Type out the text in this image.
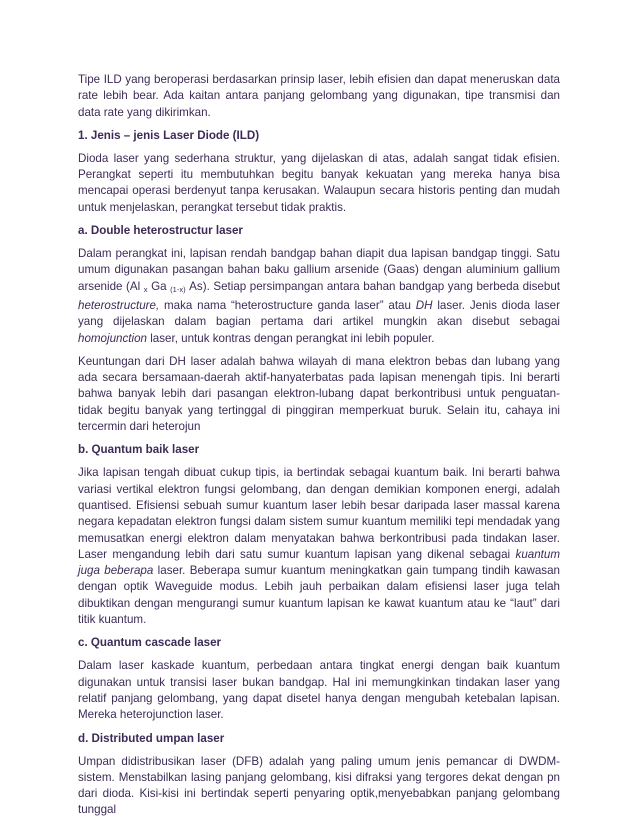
Tipe ILD yang beroperasi berdasarkan prinsip laser, lebih efisien dan dapat meneruskan data rate lebih bear. Ada kaitan antara panjang gelombang yang digunakan, tipe transmisi dan data rate yang dikirimkan.

1. Jenis – jenis Laser Diode (ILD)

Dioda laser yang sederhana struktur, yang dijelaskan di atas, adalah sangat tidak efisien. Perangkat seperti itu membutuhkan begitu banyak kekuatan yang mereka hanya bisa mencapai operasi berdenyut tanpa kerusakan. Walaupun secara historis penting dan mudah untuk menjelaskan, perangkat tersebut tidak praktis.

a. Double heterostructur laser

Dalam perangkat ini, lapisan rendah bandgap bahan diapit dua lapisan bandgap tinggi. Satu umum digunakan pasangan bahan baku gallium arsenide (Gaas) dengan aluminium gallium arsenide (Al $_x$ Ga $_{(1-x)}$ As). Setiap persimpangan antara bahan bandgap yang berbeda disebut heterostructure, maka nama “heterostructure ganda laser” atau DH laser. Jenis dioda laser yang dijelaskan dalam bagian pertama dari artikel mungkin akan disebut sebagai homojunction laser, untuk kontras dengan perangkat ini lebih populer.

Keuntungan dari DH laser adalah bahwa wilayah di mana elektron bebas dan lubang yang ada secara bersamaan-daerah aktif-hanyaterbatas pada lapisan menengah tipis. Ini berarti bahwa banyak lebih dari pasangan elektron-lubang dapat berkontribusi untuk penguatan-tidak begitu banyak yang tertinggal di pinggiran memperkuat buruk. Selain itu, cahaya ini tercermin dari heterojun

b. Quantum baik laser

Jika lapisan tengah dibuat cukup tipis, ia bertindak sebagai kuantum baik. Ini berarti bahwa variasi vertikal elektron fungsi gelombang, dan dengan demikian komponen energi, adalah quantised. Efisiensi sebuah sumur kuantum laser lebih besar daripada laser massal karena negara kepadatan elektron fungsi dalam sistem sumur kuantum memiliki tepi mendadak yang memusatkan energi elektron dalam menyatakan bahwa berkontribusi pada tindakan laser. Laser mengandung lebih dari satu sumur kuantum lapisan yang dikenal sebagai kuantum juga beberapa laser. Beberapa sumur kuantum meningkatkan gain tumpang tindih kawasan dengan optik Waveguide modus. Lebih jauh perbaikan dalam efisiensi laser juga telah dibuktikan dengan mengurangi sumur kuantum lapisan ke kawat kuantum atau ke “laut” dari titik kuantum.

c. Quantum cascade laser

Dalam laser kaskade kuantum, perbedaan antara tingkat energi dengan baik kuantum digunakan untuk transisi laser bukan bandgap. Hal ini memungkinkan tindakan laser yang relatif panjang gelombang, yang dapat disetel hanya dengan mengubah ketebalan lapisan. Mereka heterojunction laser.

d. Distributed umpan laser

Umpan didistribusikan laser (DFB) adalah yang paling umum jenis pemancar di DWDM-sistem. Menstabilkan lasing panjang gelombang, kisi difraksi yang tergores dekat dengan pn dari dioda. Kisi-kisi ini bertindak seperti penyaring optik,menyebabkan panjang gelombang tunggal
